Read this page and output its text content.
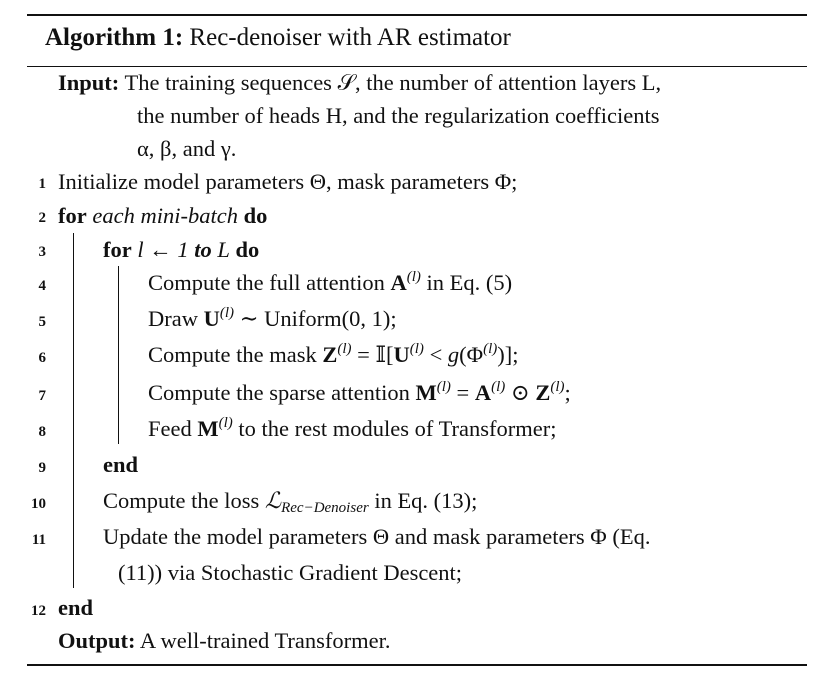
Algorithm 1: Rec-denoiser with AR estimator
Input: The training sequences 𝒮, the number of attention layers L,
the number of heads H, and the regularization coefficients
α, β, and γ.
1 Initialize model parameters Θ, mask parameters Φ;
2 for each mini-batch do
3	for l ← 1 to L do
4	Compute the full attention $A^{(l)}$ in Eq. (5)
5	Draw $U^{(l)}$ ∼ Uniform(0, 1);
6	Compute the mask $Z^{(l)}$ = $𝕀[U^{(l)} < g(\Phi^{(l)})]$;
7	Compute the sparse attention $M^{(l)} = A^{(l)}$ ⊙ $Z^{(l)}$;
8	Feed $M^{(l)}$ to the rest modules of Transformer;
9	end
10	Compute the loss ℒ$_{Rec-Denoiser}$ in Eq. (13);
11	Update the model parameters Θ and mask parameters Φ (Eq.
(11)) via Stochastic Gradient Descent;
12 end
Output: A well-trained Transformer.
